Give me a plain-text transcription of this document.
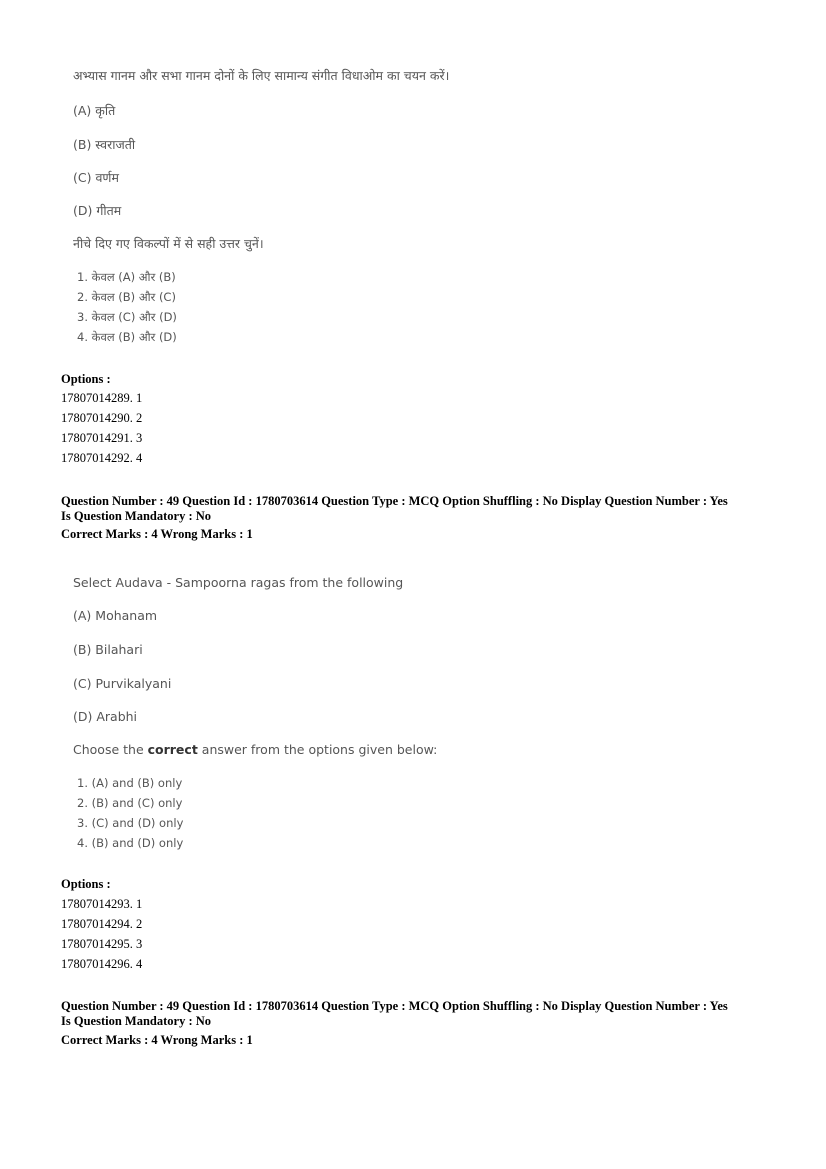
अभ्यास गानम और सभा गानम दोनों के लिए सामान्य संगीत विधाओम का चयन करें।
(A) कृति
(B) स्वराजती
(C) वर्णम
(D) गीतम
नीचे दिए गए विकल्पों में से सही उत्तर चुनें।
1. केवल (A) और (B)
2. केवल (B) और (C)
3. केवल (C) और (D)
4. केवल (B) और (D)
Options :
17807014289. 1
17807014290. 2
17807014291. 3
17807014292. 4
Question Number : 49 Question Id : 1780703614 Question Type : MCQ Option Shuffling : No Display Question Number : Yes
Is Question Mandatory : No
Correct Marks : 4 Wrong Marks : 1
Select Audava - Sampoorna ragas from the following
(A) Mohanam
(B) Bilahari
(C) Purvikalyani
(D) Arabhi
Choose the correct answer from the options given below:
1. (A) and (B) only
2. (B) and (C) only
3. (C) and (D) only
4. (B) and (D) only
Options :
17807014293. 1
17807014294. 2
17807014295. 3
17807014296. 4
Question Number : 49 Question Id : 1780703614 Question Type : MCQ Option Shuffling : No Display Question Number : Yes
Is Question Mandatory : No
Correct Marks : 4 Wrong Marks : 1
